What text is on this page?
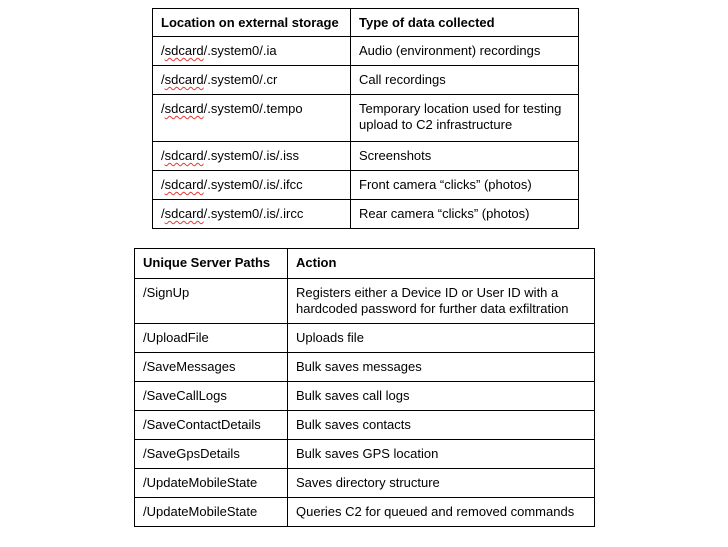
Location on external storage	Type of data collected
/sdcard/.system0/.ia	Audio (environment) recordings
/sdcard/.system0/.cr	Call recordings
/sdcard/.system0/.tempo	Temporary location used for testing upload to C2 infrastructure
/sdcard/.system0/.is/.iss	Screenshots
/sdcard/.system0/.is/.ifcc	Front camera “clicks” (photos)
/sdcard/.system0/.is/.ircc	Rear camera “clicks” (photos)
Unique Server Paths	Action
/SignUp	Registers either a Device ID or User ID with a hardcoded password for further data exfiltration
/UploadFile	Uploads file
/SaveMessages	Bulk saves messages
/SaveCallLogs	Bulk saves call logs
/SaveContactDetails	Bulk saves contacts
/SaveGpsDetails	Bulk saves GPS location
/UpdateMobileState	Saves directory structure
/UpdateMobileState	Queries C2 for queued and removed commands
